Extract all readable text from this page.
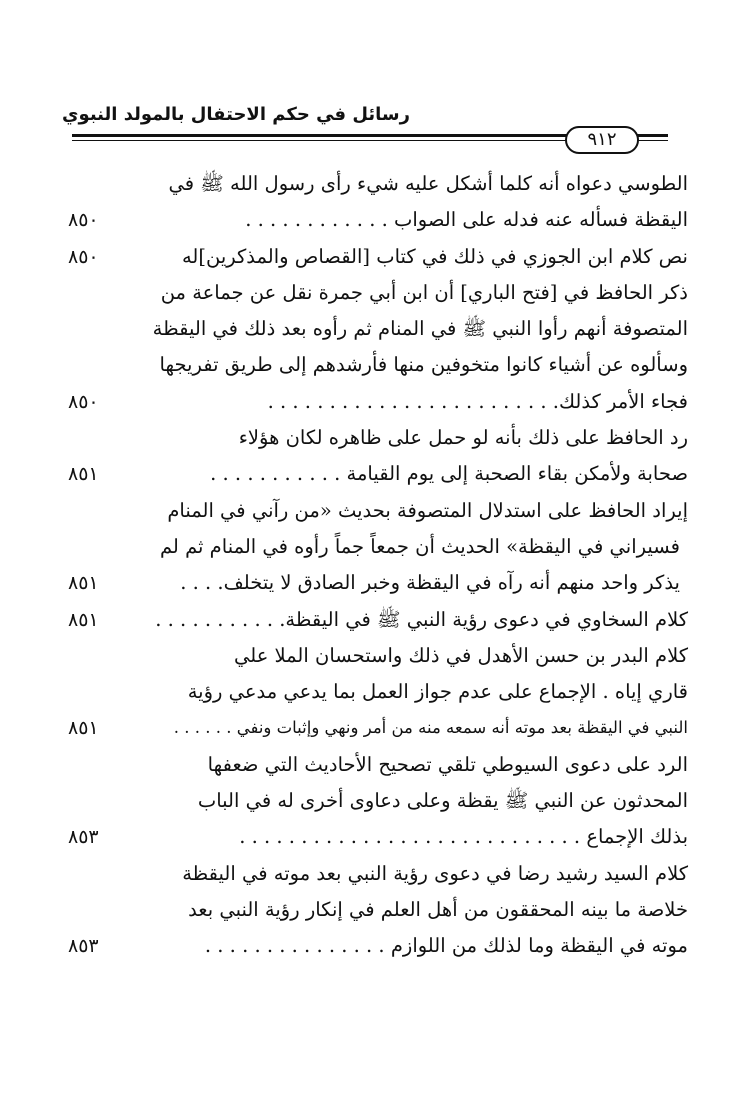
رسائل في حكم الاحتفال بالمولد النبوي
٩١٢
الطوسي دعواه أنه كلما أشكل عليه شيء رأى رسول الله ﷺ في
اليقظة فسأله عنه فدله على الصواب . . . . . . . . . . . .
٨٥٠
نص كلام ابن الجوزي في ذلك في كتاب [القصاص والمذكرين]له
٨٥٠
ذكر الحافظ في [فتح الباري] أن ابن أبي جمرة نقل عن جماعة من
المتصوفة أنهم رأوا النبي ﷺ في المنام ثم رأوه بعد ذلك في اليقظة
وسألوه عن أشياء كانوا متخوفين منها فأرشدهم إلى طريق تفريجها
فجاء الأمر كذلك. . . . . . . . . . . . . . . . . . . . . . . .
٨٥٠
رد الحافظ على ذلك بأنه لو حمل على ظاهره لكان هؤلاء
صحابة ولأمكن بقاء الصحبة إلى يوم القيامة . . . . . . . . . . .
٨٥١
إيراد الحافظ على استدلال المتصوفة بحديث «من رآني في المنام
فسيراني في اليقظة» الحديث أن جمعاً جماً رأوه في المنام ثم لم
يذكر واحد منهم أنه رآه في اليقظة وخبر الصادق لا يتخلف. . . .
٨٥١
كلام السخاوي في دعوى رؤية النبي ﷺ في اليقظة. . . . . . . . . . .
٨٥١
كلام البدر بن حسن الأهدل في ذلك واستحسان الملا علي
قاري إياه . الإجماع على عدم جواز العمل بما يدعي مدعي رؤية
النبي في اليقظة بعد موته أنه سمعه منه من أمر ونهي وإثبات ونفي . . . . . .
٨٥١
الرد على دعوى السيوطي تلقي تصحيح الأحاديث التي ضعفها
المحدثون عن النبي ﷺ يقظة وعلى دعاوى أخرى له في الباب
بذلك الإجماع . . . . . . . . . . . . . . . . . . . . . . . . . . . .
٨٥٣
كلام السيد رشيد رضا في دعوى رؤية النبي بعد موته في اليقظة
خلاصة ما بينه المحققون من أهل العلم في إنكار رؤية النبي بعد
موته في اليقظة وما لذلك من اللوازم . . . . . . . . . . . . . . .
٨٥٣
